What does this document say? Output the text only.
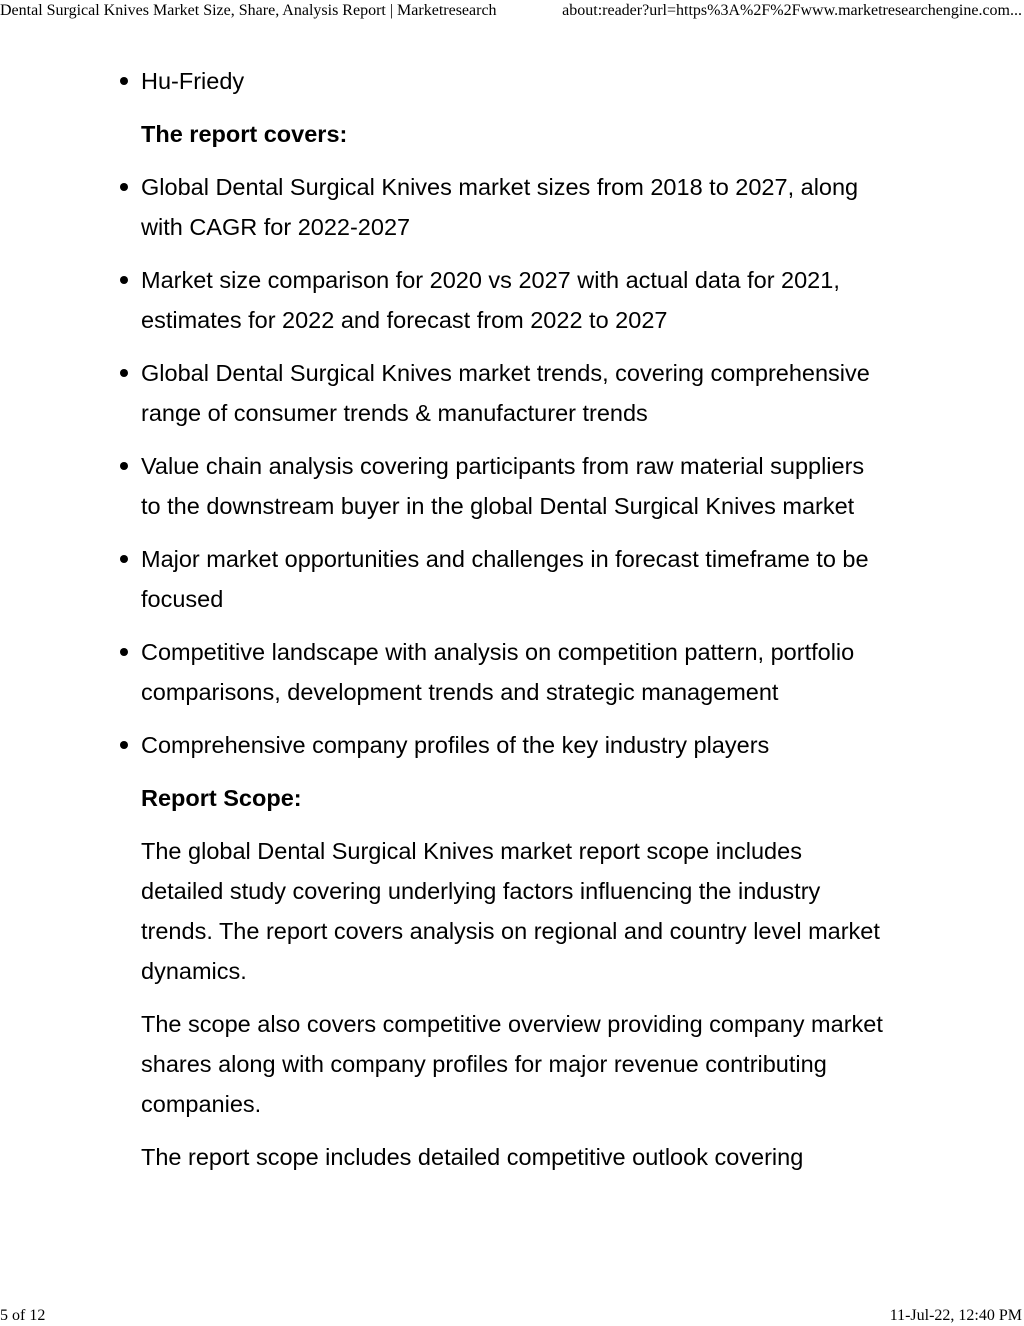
Dental Surgical Knives Market Size, Share, Analysis Report | Marketresearch	about:reader?url=https%3A%2F%2Fwww.marketresearchengine.com...
Hu-Friedy
The report covers:
Global Dental Surgical Knives market sizes from 2018 to 2027, along with CAGR for 2022-2027
Market size comparison for 2020 vs 2027 with actual data for 2021, estimates for 2022 and forecast from 2022 to 2027
Global Dental Surgical Knives market trends, covering comprehensive range of consumer trends & manufacturer trends
Value chain analysis covering participants from raw material suppliers to the downstream buyer in the global Dental Surgical Knives market
Major market opportunities and challenges in forecast timeframe to be focused
Competitive landscape with analysis on competition pattern, portfolio comparisons, development trends and strategic management
Comprehensive company profiles of the key industry players
Report Scope:

The global Dental Surgical Knives market report scope includes detailed study covering underlying factors influencing the industry trends. The report covers analysis on regional and country level market dynamics.

The scope also covers competitive overview providing company market shares along with company profiles for major revenue contributing companies.

The report scope includes detailed competitive outlook covering

5 of 12	11-Jul-22, 12:40 PM
